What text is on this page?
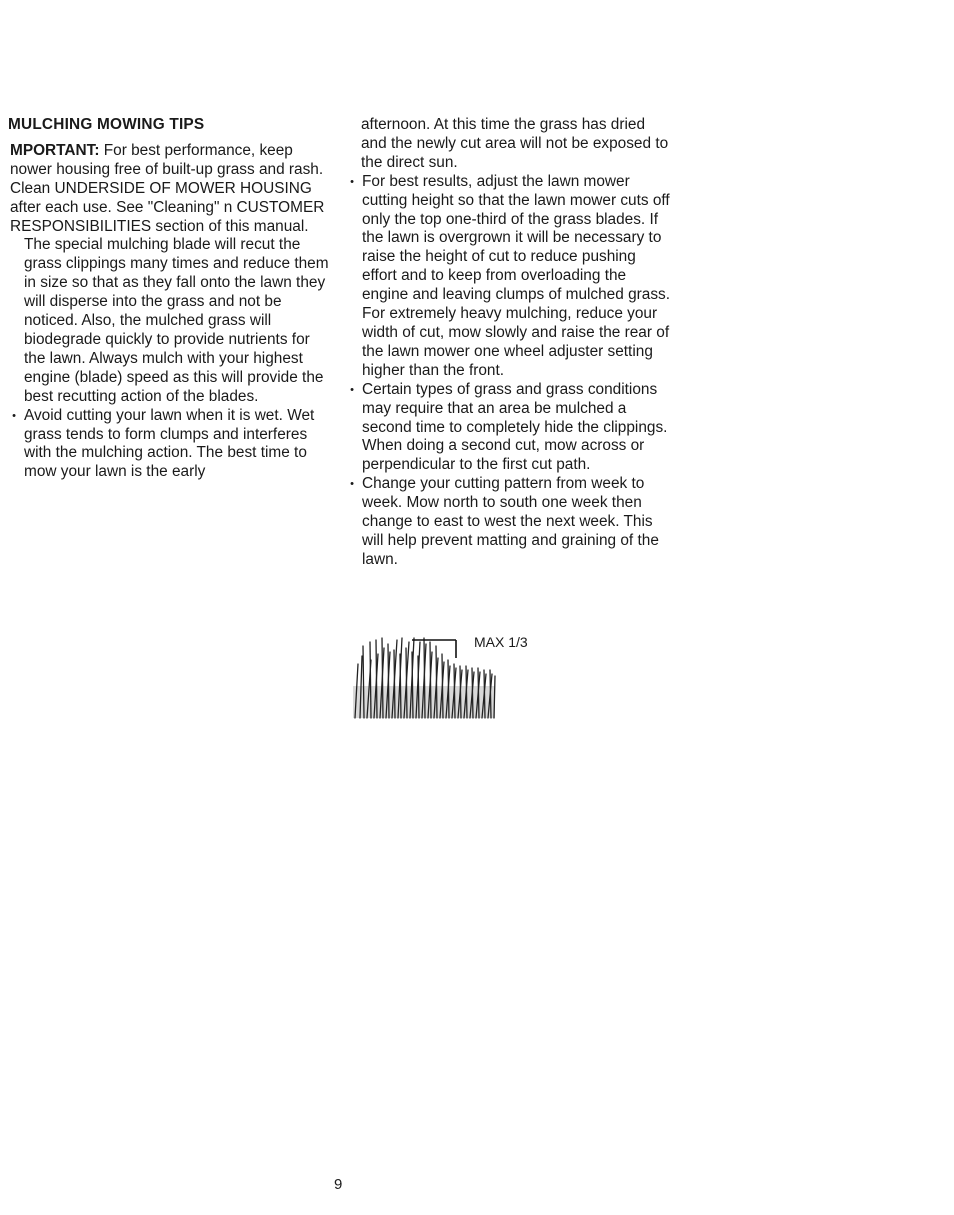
MULCHING MOWING TIPS
MPORTANT: For best performance, keep nower housing free of built-up grass and rash. Clean UNDERSIDE OF MOWER HOUSING after each use. See "Cleaning" n CUSTOMER RESPONSIBILITIES section of this manual.
The special mulching blade will recut the grass clippings many times and reduce them in size so that as they fall onto the lawn they will disperse into the grass and not be noticed. Also, the mulched grass will biodegrade quickly to provide nutrients for the lawn. Always mulch with your highest engine (blade) speed as this will provide the best recutting action of the blades.
• Avoid cutting your lawn when it is wet. Wet grass tends to form clumps and interferes with the mulching action. The best time to mow your lawn is the early
afternoon. At this time the grass has dried and the newly cut area will not be exposed to the direct sun.
• For best results, adjust the lawn mower cutting height so that the lawn mower cuts off only the top one-third of the grass blades. If the lawn is overgrown it will be necessary to raise the height of cut to reduce pushing effort and to keep from overloading the engine and leaving clumps of mulched grass. For extremely heavy mulching, reduce your width of cut, mow slowly and raise the rear of the lawn mower one wheel adjuster setting higher than the front.
• Certain types of grass and grass conditions may require that an area be mulched a second time to completely hide the clippings. When doing a second cut, mow across or perpendicular to the first cut path.
• Change your cutting pattern from week to week. Mow north to south one week then change to east to west the next week. This will help prevent matting and graining of the lawn.
MAX 1/3
9
